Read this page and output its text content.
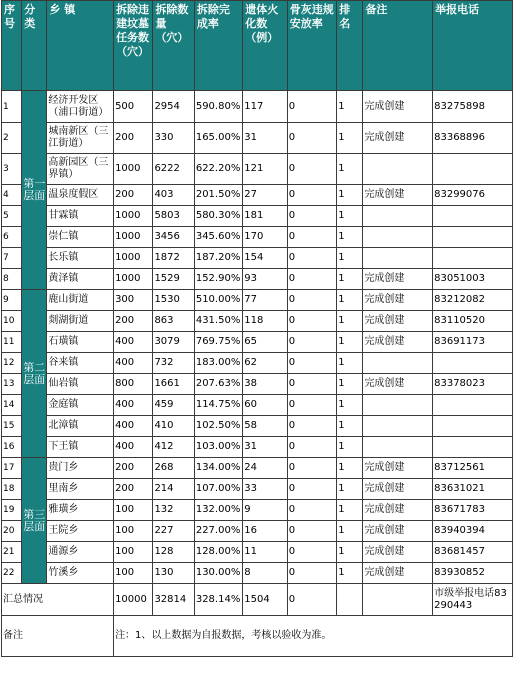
序号	分类	乡 镇	拆除违建坟墓任务数（穴）	拆除数量（穴）	拆除完成率	遗体火化数（例）	骨灰违规安放率	排名	备注	举报电话
1	第一层面	经济开发区 （浦口街道）	500	2954	590.80%	117	0	1	完成创建	83275898
2		城南新区（三江街道）	200	330	165.00%	31	0	1	完成创建	83368896
3		高新园区（三界镇）	1000	6222	622.20%	121	0	1		
4		温泉度假区	200	403	201.50%	27	0	1	完成创建	83299076
5		甘霖镇	1000	5803	580.30%	181	0	1		
6		崇仁镇	1000	3456	345.60%	170	0	1		
7		长乐镇	1000	1872	187.20%	154	0	1		
8		黄泽镇	1000	1529	152.90%	93	0	1	完成创建	83051003
9	第二层面	鹿山街道	300	1530	510.00%	77	0	1	完成创建	83212082
10		剡湖街道	200	863	431.50%	118	0	1	完成创建	83110520
11		石璜镇	400	3079	769.75%	65	0	1	完成创建	83691173
12		谷来镇	400	732	183.00%	62	0	1		
13		仙岩镇	800	1661	207.63%	38	0	1	完成创建	83378023
14		金庭镇	400	459	114.75%	60	0	1		
15		北漳镇	400	410	102.50%	58	0	1		
16		下王镇	400	412	103.00%	31	0	1		
17	第三层面	贵门乡	200	268	134.00%	24	0	1	完成创建	83712561
18		里南乡	200	214	107.00%	33	0	1	完成创建	83631021
19		雅璜乡	100	132	132.00%	9	0	1	完成创建	83671783
20		王院乡	100	227	227.00%	16	0	1	完成创建	83940394
21		通源乡	100	128	128.00%	11	0	1	完成创建	83681457
22		竹溪乡	100	130	130.00%	8	0	1	完成创建	83930852
汇总情况			10000	32814	328.14%	1504	0			市级举报电话83290443
备注			注：1、以上数据为自报数据，考核以验收为准。							
